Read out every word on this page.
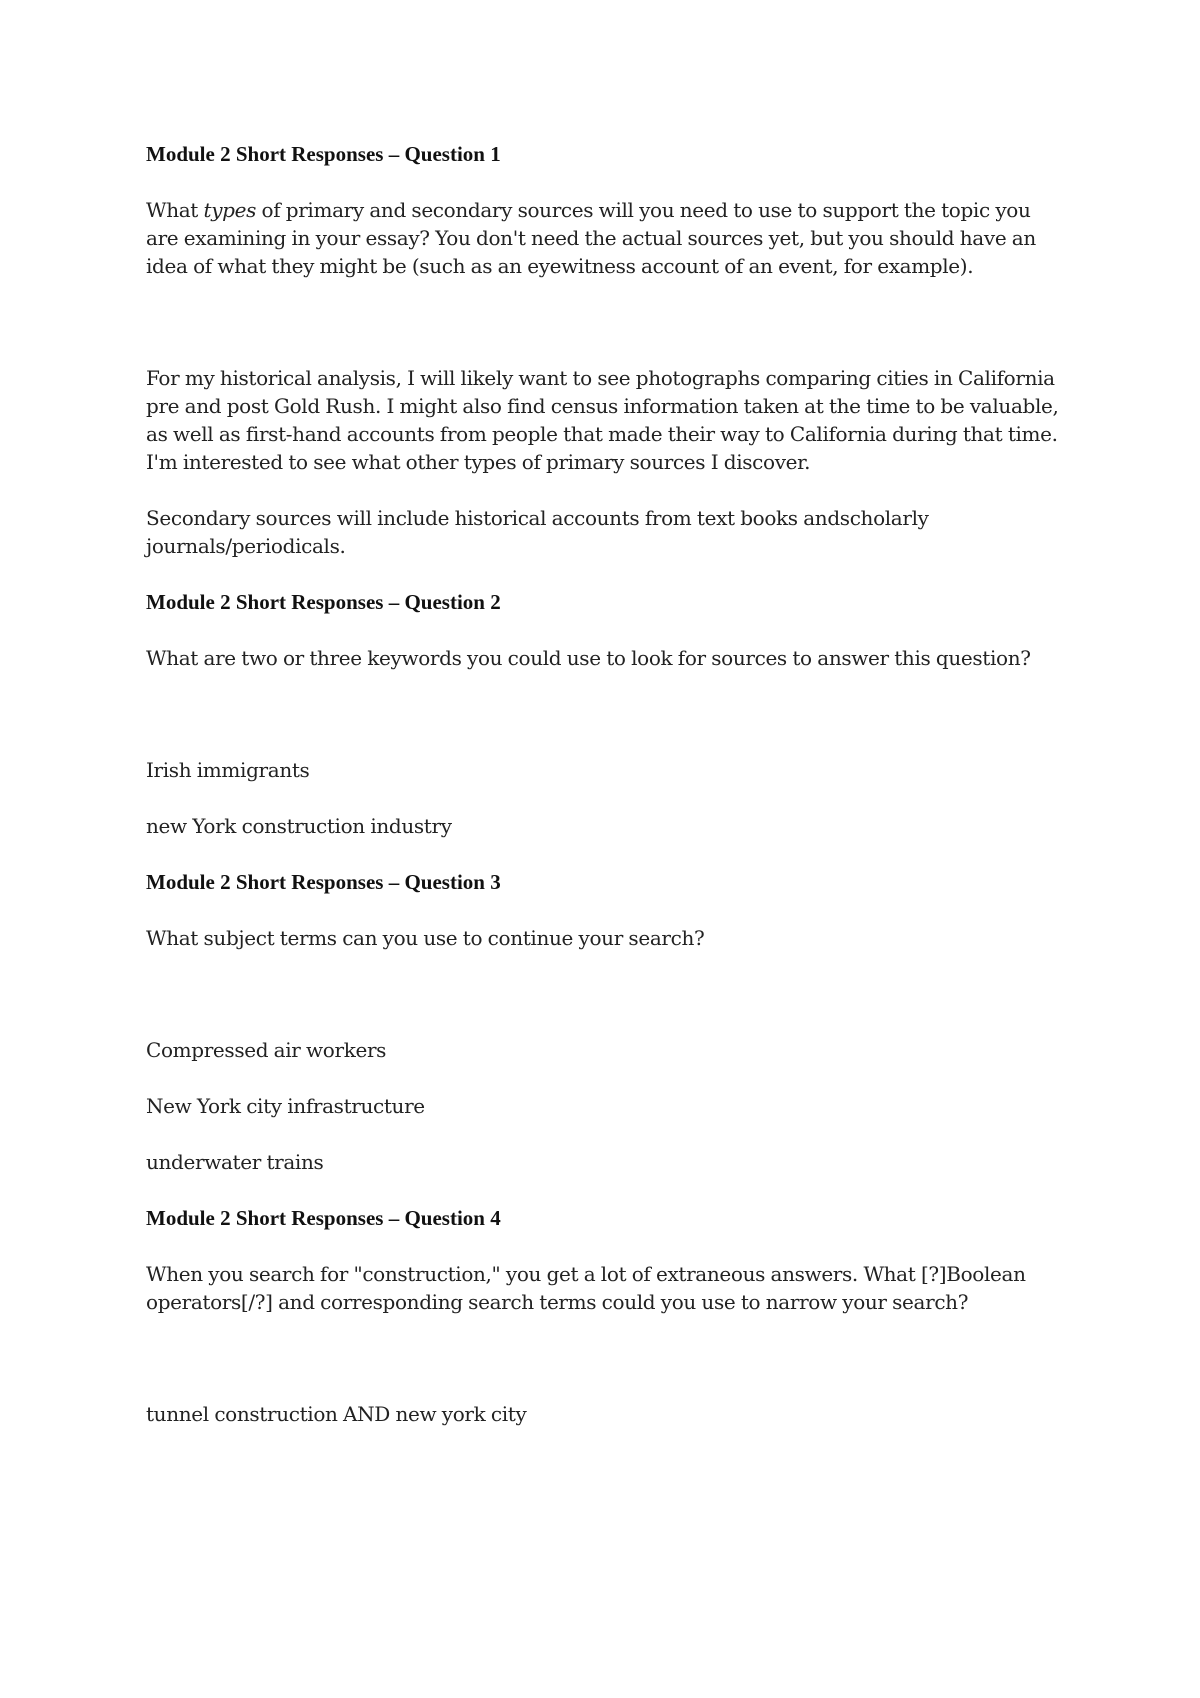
Module 2 Short Responses – Question 1

What types of primary and secondary sources will you need to use to support the topic you are examining in your essay? You don't need the actual sources yet, but you should have an idea of what they might be (such as an eyewitness account of an event, for example).

For my historical analysis, I will likely want to see photographs comparing cities in California pre and post Gold Rush. I might also find census information taken at the time to be valuable, as well as first-hand accounts from people that made their way to California during that time. I'm interested to see what other types of primary sources I discover.

Secondary sources will include historical accounts from text books andscholarly journals/periodicals.

Module 2 Short Responses – Question 2

What are two or three keywords you could use to look for sources to answer this question?

Irish immigrants

new York construction industry

Module 2 Short Responses – Question 3

What subject terms can you use to continue your search?

Compressed air workers

New York city infrastructure

underwater trains

Module 2 Short Responses – Question 4

When you search for "construction," you get a lot of extraneous answers. What [?]Boolean operators[/?] and corresponding search terms could you use to narrow your search?

tunnel construction AND new york city
